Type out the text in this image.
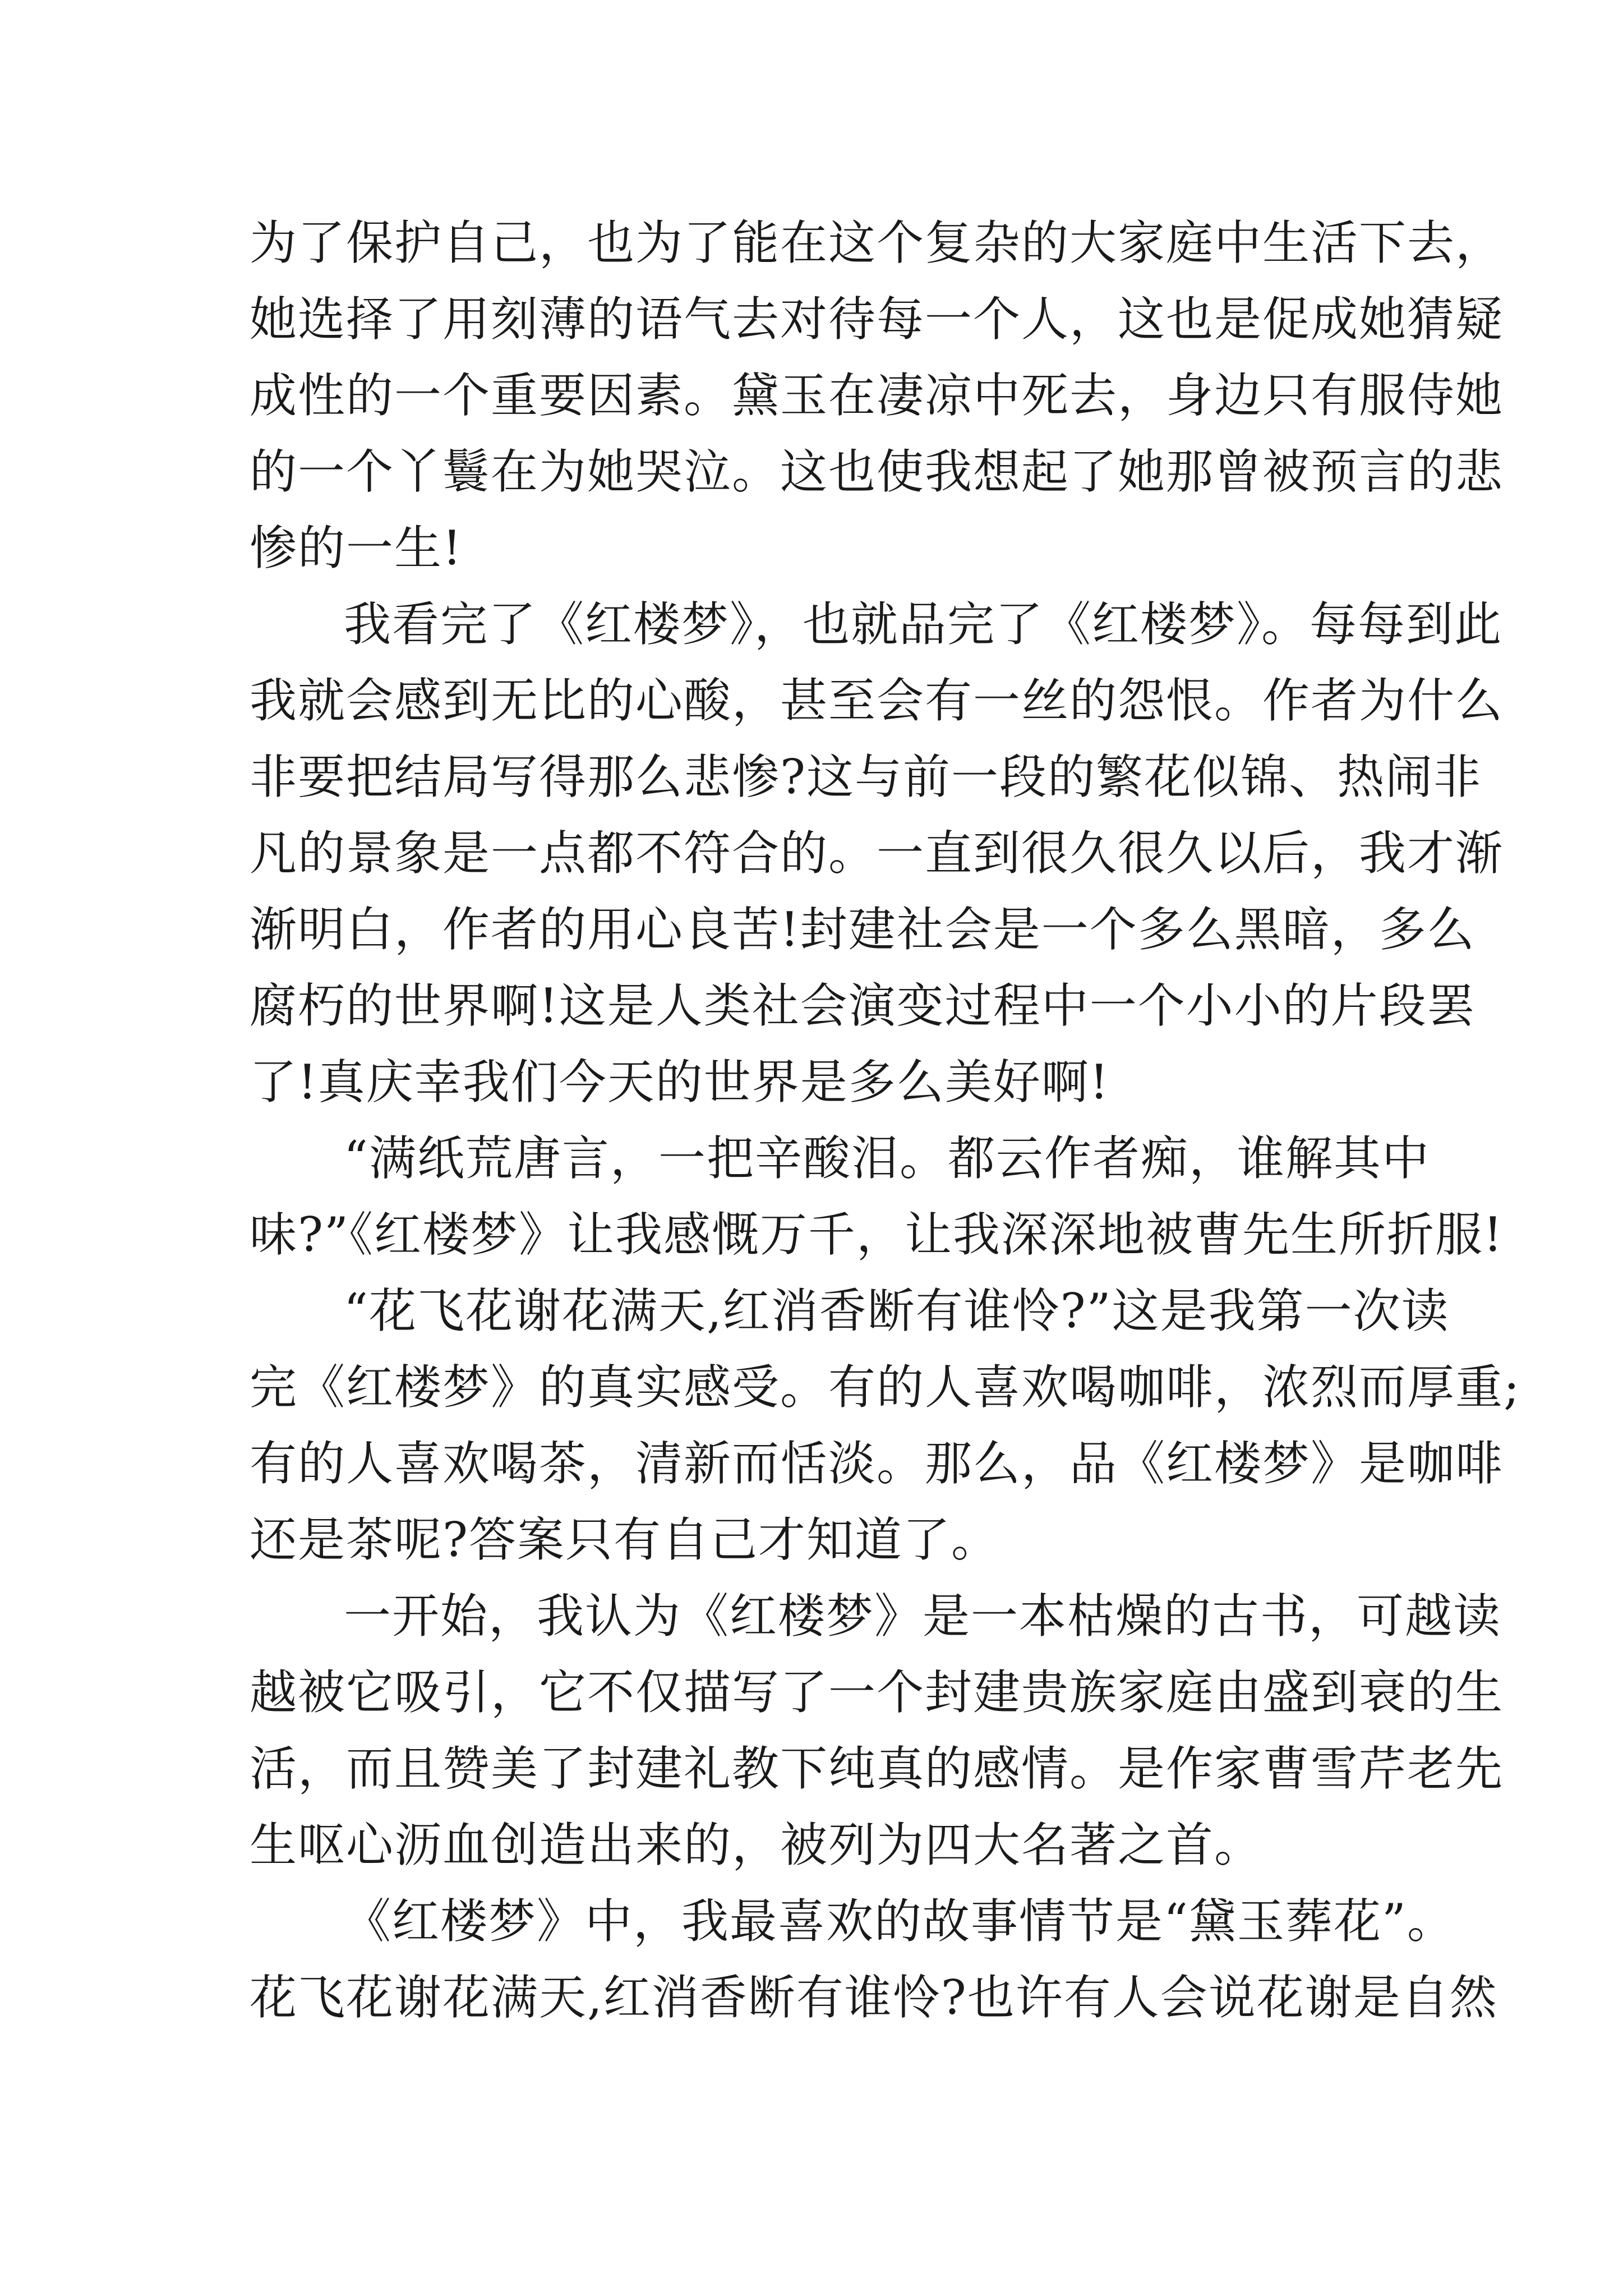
为了保护自己，也为了能在这个复杂的大家庭中生活下去，
她选择了用刻薄的语气去对待每一个人，这也是促成她猜疑
成性的一个重要因素。黛玉在凄凉中死去，身边只有服侍她
的一个丫鬟在为她哭泣。这也使我想起了她那曾被预言的悲
惨的一生!
我看完了《红楼梦》，也就品完了《红楼梦》。每每到此
我就会感到无比的心酸，甚至会有一丝的怨恨。作者为什么
非要把结局写得那么悲惨?这与前一段的繁花似锦、热闹非
凡的景象是一点都不符合的。一直到很久很久以后，我才渐
渐明白，作者的用心良苦!封建社会是一个多么黑暗，多么
腐朽的世界啊!这是人类社会演变过程中一个小小的片段罢
了!真庆幸我们今天的世界是多么美好啊!
“满纸荒唐言，一把辛酸泪。都云作者痴，谁解其中
味?”《红楼梦》让我感慨万千，让我深深地被曹先生所折服!
“花飞花谢花满天,红消香断有谁怜?”这是我第一次读
完《红楼梦》的真实感受。有的人喜欢喝咖啡，浓烈而厚重;
有的人喜欢喝茶，清新而恬淡。那么，品《红楼梦》是咖啡
还是茶呢?答案只有自己才知道了。
一开始，我认为《红楼梦》是一本枯燥的古书，可越读
越被它吸引，它不仅描写了一个封建贵族家庭由盛到衰的生
活，而且赞美了封建礼教下纯真的感情。是作家曹雪芹老先
生呕心沥血创造出来的，被列为四大名著之首。
《红楼梦》中，我最喜欢的故事情节是“黛玉葬花”。
花飞花谢花满天,红消香断有谁怜?也许有人会说花谢是自然
